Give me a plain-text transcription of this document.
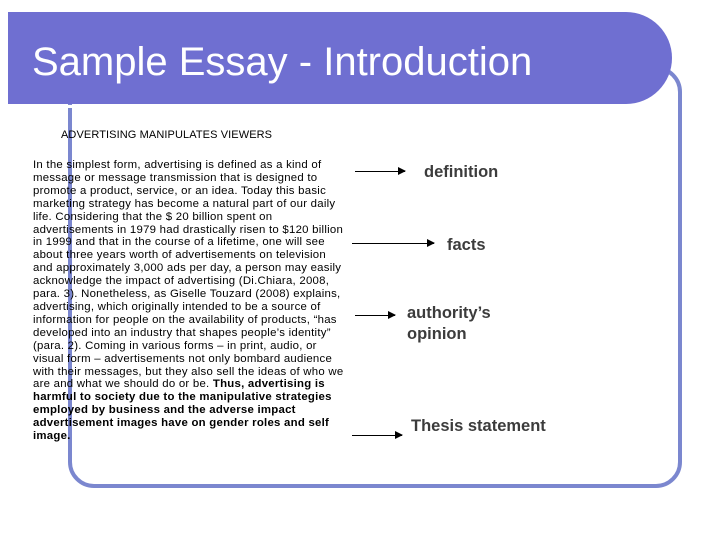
Sample Essay - Introduction
ADVERTISING MANIPULATES VIEWERS
In the simplest form, advertising is defined as a kind of message or message transmission that is designed to promote a product, service, or an idea. Today this basic marketing strategy has become a natural part of our daily life. Considering that the $ 20 billion spent on advertisements in 1979 had drastically risen to $120 billion in 1999 and that in the course of a lifetime, one will see about three years worth of advertisements on television and approximately 3,000 ads per day, a person may easily acknowledge the impact of advertising (Di.Chiara, 2008, para. 3). Nonetheless, as Giselle Touzard (2008) explains, advertising, which originally intended to be a source of information for people on the availability of products, “has developed into an industry that shapes people’s identity” (para. 2). Coming in various forms – in print, audio, or visual form – advertisements not only bombard audience with their messages, but they also sell the ideas of who we are and what we should do or be. Thus, advertising is harmful to society due to the manipulative strategies employed by business and the adverse impact advertisement images have on gender roles and self image.
definition
facts
authority’s
opinion
Thesis statement
